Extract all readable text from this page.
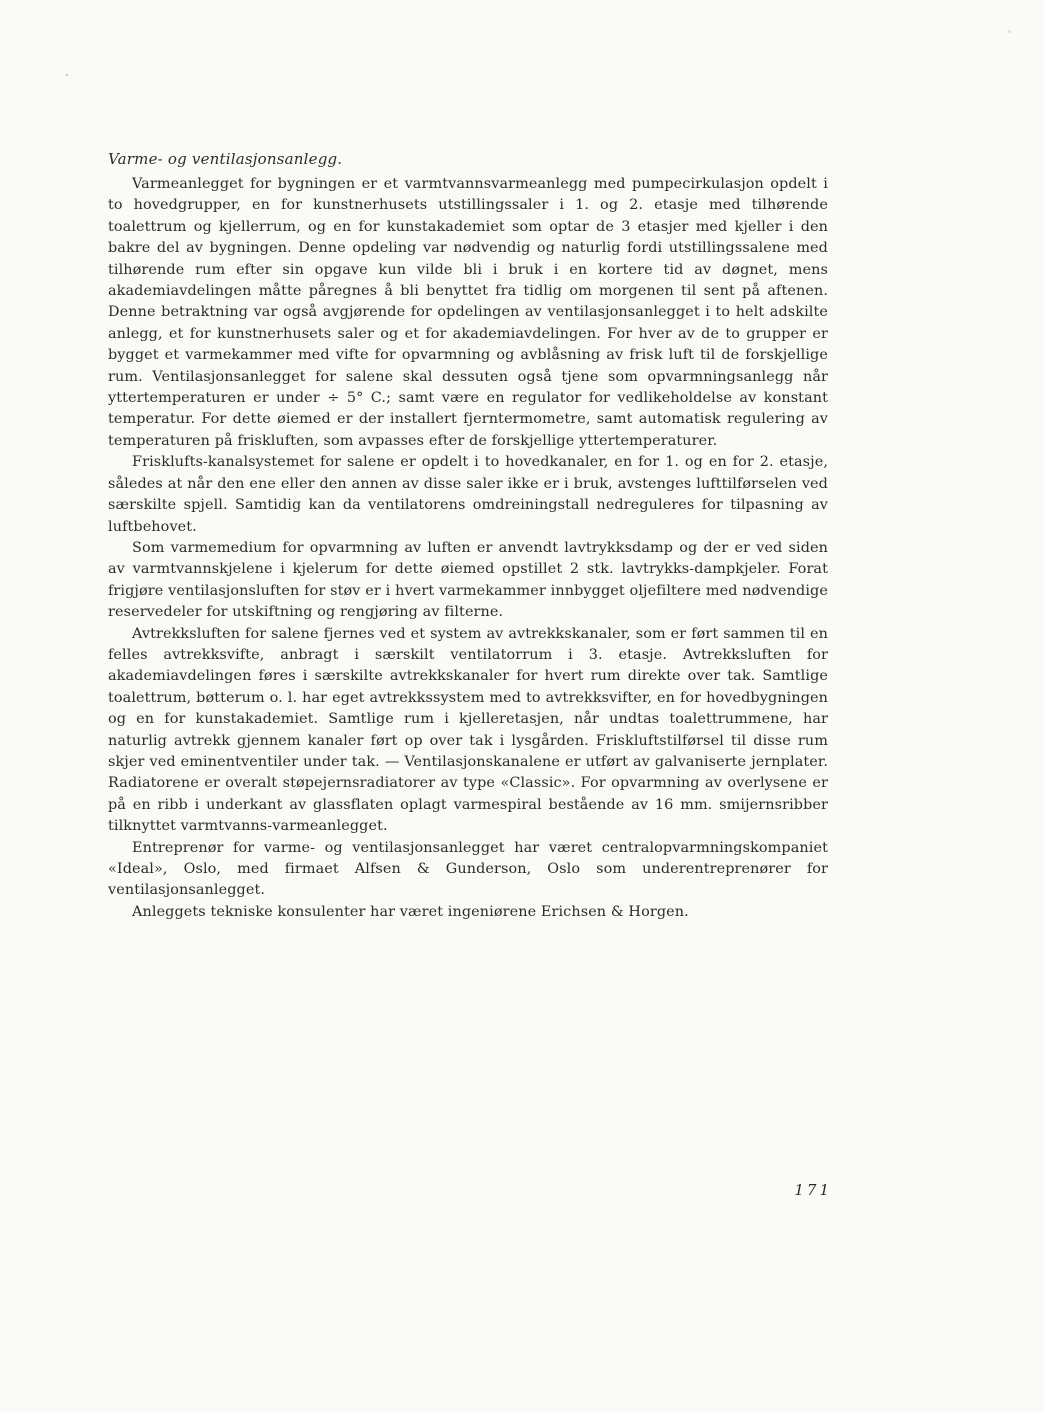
Varme- og ventilasjonsanlegg.

Varmeanlegget for bygningen er et varmtvannsvarmeanlegg med pumpecirkulasjon opdelt i to hovedgrupper, en for kunstnerhusets utstillingssaler i 1. og 2. etasje med tilhørende toalettrum og kjellerrum, og en for kunstakademiet som optar de 3 etasjer med kjeller i den bakre del av bygningen. Denne opdeling var nødvendig og naturlig fordi utstillingssalene med tilhørende rum efter sin opgave kun vilde bli i bruk i en kortere tid av døgnet, mens akademiavdelingen måtte påregnes å bli benyttet fra tidlig om morgenen til sent på aftenen. Denne betraktning var også avgjørende for opdelingen av ventilasjonsanlegget i to helt adskilte anlegg, et for kunstnerhusets saler og et for akademiavdelingen. For hver av de to grupper er bygget et varmekammer med vifte for opvarmning og avblåsning av frisk luft til de forskjellige rum. Ventilasjonsanlegget for salene skal dessuten også tjene som opvarmningsanlegg når yttertemperaturen er under ÷ 5° C.; samt være en regulator for vedlikeholdelse av konstant temperatur. For dette øiemed er der installert fjerntermometre, samt automatisk regulering av temperaturen på friskluften, som avpasses efter de forskjellige yttertemperaturer.

Frisklufts-kanalsystemet for salene er opdelt i to hovedkanaler, en for 1. og en for 2. etasje, således at når den ene eller den annen av disse saler ikke er i bruk, avstenges lufttilførselen ved særskilte spjell. Samtidig kan da ventilatorens omdreiningstall nedreguleres for tilpasning av luftbehovet.

Som varmemedium for opvarmning av luften er anvendt lavtrykksdamp og der er ved siden av varmtvannskjelene i kjelerum for dette øiemed opstillet 2 stk. lavtrykks-dampkjeler. Forat frigjøre ventilasjonsluften for støv er i hvert varmekammer innbygget oljefiltere med nødvendige reservedeler for utskiftning og rengjøring av filterne.

Avtrekksluften for salene fjernes ved et system av avtrekkskanaler, som er ført sammen til en felles avtrekksvifte, anbragt i særskilt ventilatorrum i 3. etasje. Avtrekksluften for akademiavdelingen føres i særskilte avtrekkskanaler for hvert rum direkte over tak. Samtlige toalettrum, bøtterum o. l. har eget avtrekkssystem med to avtrekksvifter, en for hovedbygningen og en for kunstakademiet. Samtlige rum i kjelleretasjen, når undtas toalettrummene, har naturlig avtrekk gjennem kanaler ført op over tak i lysgården. Friskluftstilførsel til disse rum skjer ved eminentventiler under tak. — Ventilasjonskanalene er utført av galvaniserte jernplater. Radiatorene er overalt støpejernsradiatorer av type «Classic». For opvarmning av overlysene er på en ribb i underkant av glassflaten oplagt varmespiral bestående av 16 mm. smijernsribber tilknyttet varmtvanns-varmeanlegget.

Entreprenør for varme- og ventilasjonsanlegget har været centralopvarmningskompaniet «Ideal», Oslo, med firmaet Alfsen & Gunderson, Oslo som underentreprenører for ventilasjonsanlegget.

Anleggets tekniske konsulenter har været ingeniørene Erichsen & Horgen.

171
